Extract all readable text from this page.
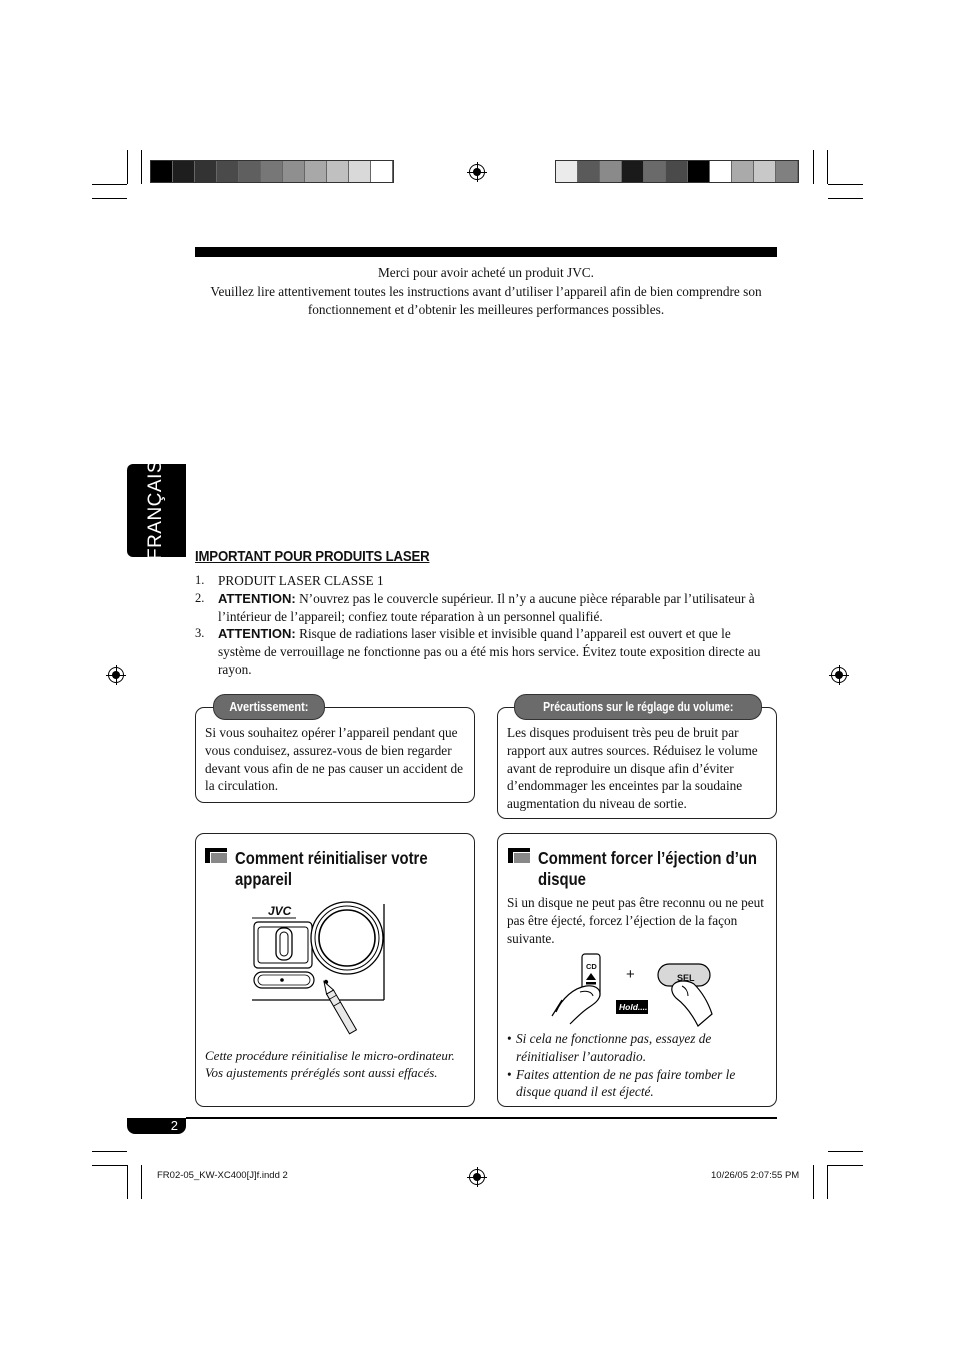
Merci pour avoir acheté un produit JVC.
Veuillez lire attentivement toutes les instructions avant d’utiliser l’appareil afin de bien comprendre son fonctionnement et d’obtenir les meilleures performances possibles.
FRANÇAIS IMPORTANT POUR PRODUITS LASER
1.	PRODUIT LASER CLASSE 1
2.	ATTENTION: N’ouvrez pas le couvercle supérieur. Il n’y a aucune pièce réparable par l’utilisateur à l’intérieur de l’appareil; confiez toute réparation à un personnel qualifié.
3.	ATTENTION: Risque de radiations laser visible et invisible quand l’appareil est ouvert et que le système de verrouillage ne fonctionne pas ou a été mis hors service. Évitez toute exposition directe au rayon.
Si vous souhaitez opérer l’appareil pendant que vous conduisez, assurez-vous de bien regarder devant vous afin de ne pas causer un accident de la circulation.
Avertissement:
Les disques produisent très peu de bruit par rapport aux autres sources. Réduisez le volume avant de reproduire un disque afin d’éviter d’endommager les enceintes par la soudaine augmentation du niveau de sortie.
Précautions sur le réglage du volume:
Comment réinitialiser votre appareil
JVC
Cette procédure réinitialise le micro-ordinateur. Vos ajustements préréglés sont aussi effacés.
Comment forcer l’éjection d’un disque
Si un disque ne peut pas être reconnu ou ne peut pas être éjecté, forcez l’éjection de la façon suivante.
CD +	SEL
Hold....
• Si cela ne fonctionne pas, essayez de réinitialiser l’autoradio.
• Faites attention de ne pas faire tomber le disque quand il est éjecté.
2
FR02-05_KW-XC400[J]f.indd 2	10/26/05 2:07:55 PM
